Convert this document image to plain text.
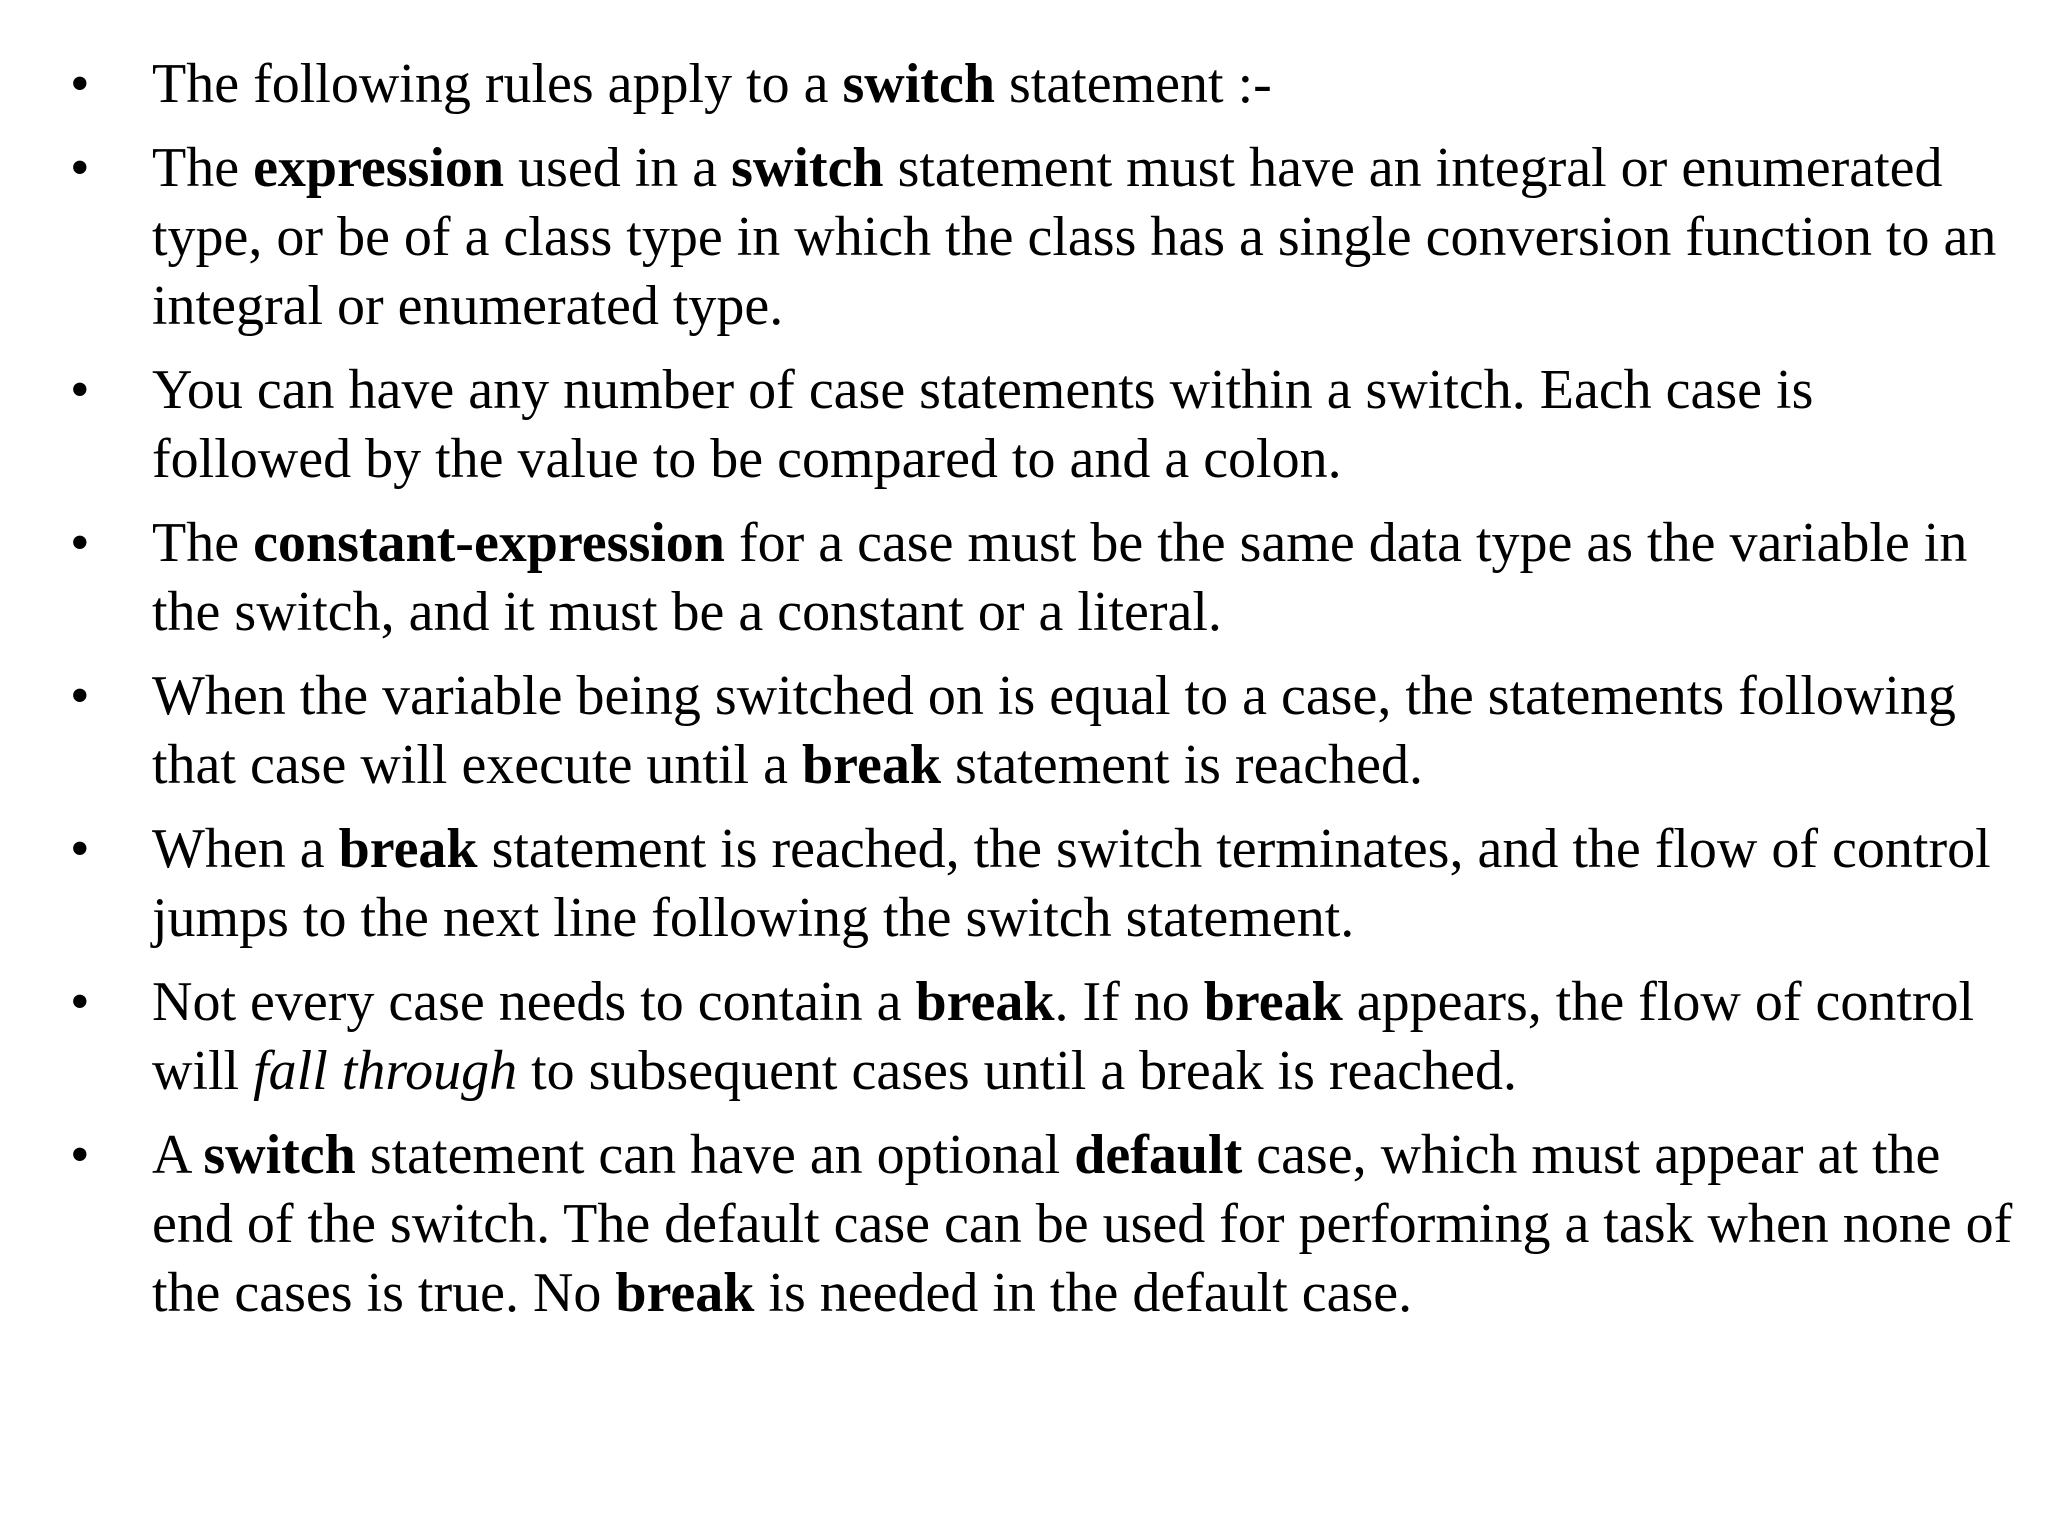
•	The following rules apply to a switch statement :-
•	The expression used in a switch statement must have an integral or enumerated type, or be of a class type in which the class has a single conversion function to an integral or enumerated type.
•	You can have any number of case statements within a switch. Each case is followed by the value to be compared to and a colon.
•	The constant-expression for a case must be the same data type as the variable in the switch, and it must be a constant or a literal.
•	When the variable being switched on is equal to a case, the statements following that case will execute until a break statement is reached.
•	When a break statement is reached, the switch terminates, and the flow of control jumps to the next line following the switch statement.
•	Not every case needs to contain a break. If no break appears, the flow of control will fall through to subsequent cases until a break is reached.
•	A switch statement can have an optional default case, which must appear at the end of the switch. The default case can be used for performing a task when none of the cases is true. No break is needed in the default case.
